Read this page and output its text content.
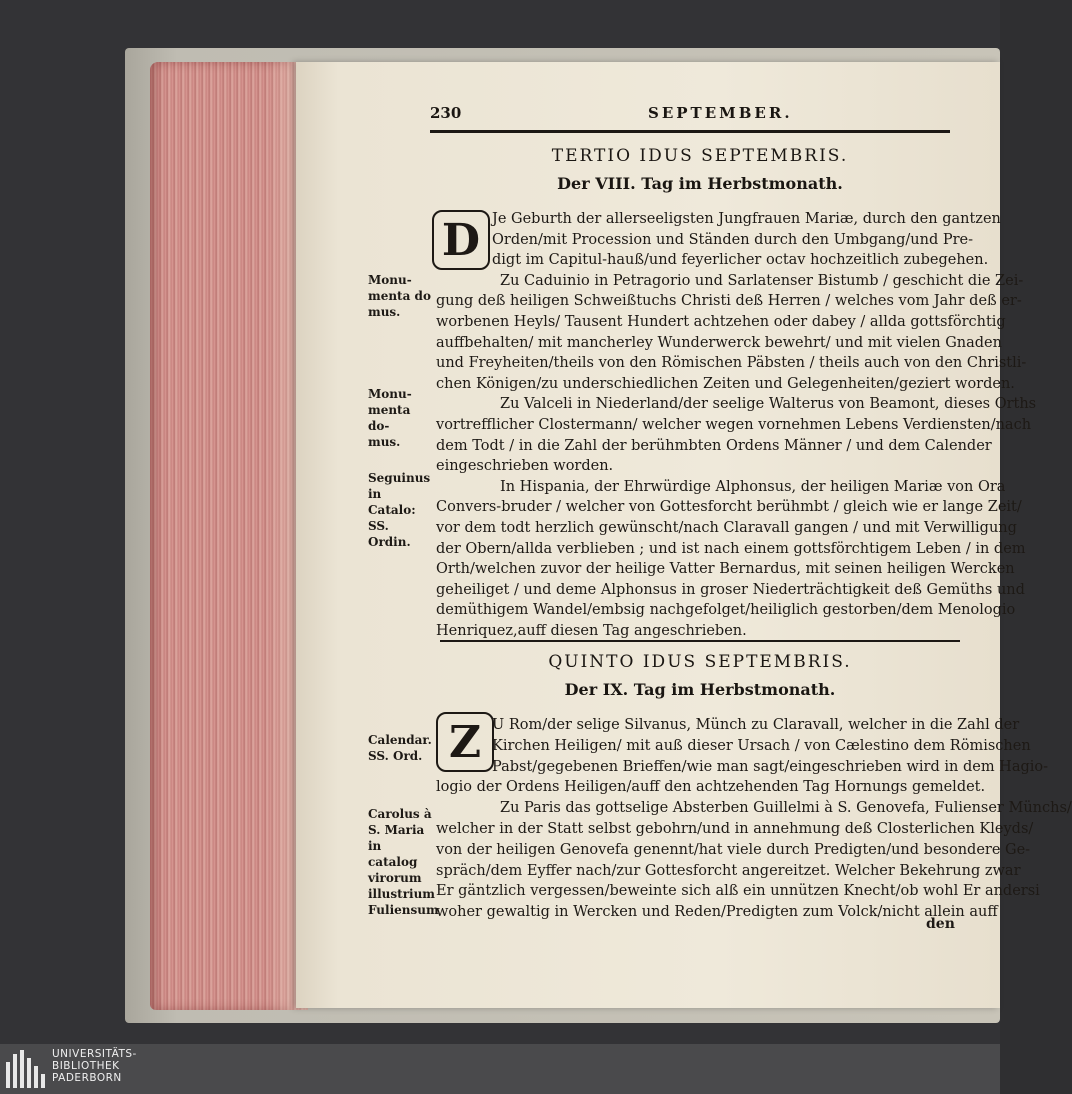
230	SEPTEMBER.
TERTIO IDUS SEPTEMBRIS.
Der VIII. Tag im Herbstmonath.
D Je Geburth der allerseeligsten Jungfrauen Mariæ, durch den gantzen
Orden/mit Procession und Ständen durch den Umbgang/und Pre-
digt im Capitul-hauß/und feyerlicher octav hochzeitlich zubegehen.
Zu Caduinio in Petragorio und Sarlatenser Bistumb / geschicht die Zei-
gung deß heiligen Schweißtuchs Christi deß Herren / welches vom Jahr deß er-
worbenen Heyls/ Tausent Hundert achtzehen oder dabey / allda gottsförchtig
auffbehalten/ mit mancherley Wunderwerck bewehrt/ und mit vielen Gnaden
und Freyheiten/theils von den Römischen Päbsten / theils auch von den Christli-
chen Königen/zu underschiedlichen Zeiten und Gelegenheiten/geziert worden.
Zu Valceli in Niederland/der seelige Walterus von Beamont, dieses Orths
vortrefflicher Clostermann/ welcher wegen vornehmen Lebens Verdiensten/nach
dem Todt / in die Zahl der berühmbten Ordens Männer / und dem Calender
eingeschrieben worden.
In Hispania, der Ehrwürdige Alphonsus, der heiligen Mariæ von Ora
Convers-bruder / welcher von Gottesforcht berühmbt / gleich wie er lange Zeit/
vor dem todt herzlich gewünscht/nach Claravall gangen / und mit Verwilligung
der Obern/allda verblieben ; und ist nach einem gottsförchtigem Leben / in dem
Orth/welchen zuvor der heilige Vatter Bernardus, mit seinen heiligen Wercken
geheiliget / und deme Alphonsus in groser Niederträchtigkeit deß Gemüths und
demüthigem Wandel/embsig nachgefolget/heiliglich gestorben/dem Menologio
Henriquez,auff diesen Tag angeschrieben.
QUINTO IDUS SEPTEMBRIS.
Der IX. Tag im Herbstmonath.
Z U Rom/der selige Silvanus, Münch zu Claravall, welcher in die Zahl der
Kirchen Heiligen/ mit auß dieser Ursach / von Cælestino dem Römischen
Pabst/gegebenen Brieffen/wie man sagt/eingeschrieben wird in dem Hagio-
logio der Ordens Heiligen/auff den achtzehenden Tag Hornungs gemeldet.
Zu Paris das gottselige Absterben Guillelmi à S. Genovefa, Fulienser Münchs/
welcher in der Statt selbst gebohrn/und in annehmung deß Closterlichen Kleyds/
von der heiligen Genovefa genennt/hat viele durch Predigten/und besondere Ge-
spräch/dem Eyffer nach/zur Gottesforcht angereitzet. Welcher Bekehrung zwar
Er gäntzlich vergessen/beweinte sich alß ein unnützen Knecht/ob wohl Er andersi
woher gewaltig in Wercken und Reden/Predigten zum Volck/nicht allein auff
den
Monu-
menta do
mus.
Monu-
menta do-
mus.
Seguinus
in Catalo:
SS. Ordin.
Calendar.
SS. Ord.
Carolus à
S. Maria
in catalog
virorum
illustrium
Fuliensum
UNIVERSITÄTS-
BIBLIOTHEK
PADERBORN
